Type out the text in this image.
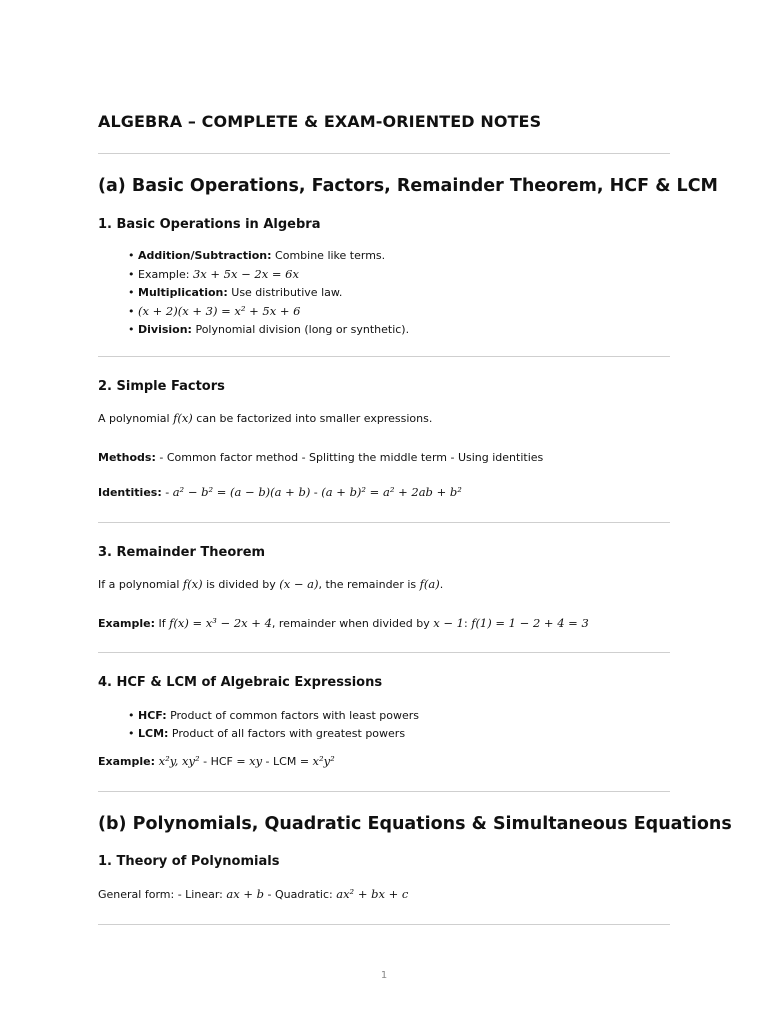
ALGEBRA – COMPLETE & EXAM-ORIENTED NOTES
(a) Basic Operations, Factors, Remainder Theorem, HCF & LCM
1. Basic Operations in Algebra
• Addition/Subtraction: Combine like terms.
• Example: 3x + 5x − 2x = 6x
• Multiplication: Use distributive law.
• (x + 2)(x + 3) = x² + 5x + 6
• Division: Polynomial division (long or synthetic).
2. Simple Factors
A polynomial f(x) can be factorized into smaller expressions.
Methods: - Common factor method - Splitting the middle term - Using identities
Identities: - a² − b² = (a − b)(a + b) - (a + b)² = a² + 2ab + b²
3. Remainder Theorem
If a polynomial f(x) is divided by (x − a), the remainder is f(a).
Example: If f(x) = x³ − 2x + 4, remainder when divided by x − 1: f(1) = 1 − 2 + 4 = 3
4. HCF & LCM of Algebraic Expressions
• HCF: Product of common factors with least powers
• LCM: Product of all factors with greatest powers
Example: x²y, xy² - HCF = xy - LCM = x²y²
(b) Polynomials, Quadratic Equations & Simultaneous Equations
1. Theory of Polynomials
General form: - Linear: ax + b - Quadratic: ax² + bx + c
1
